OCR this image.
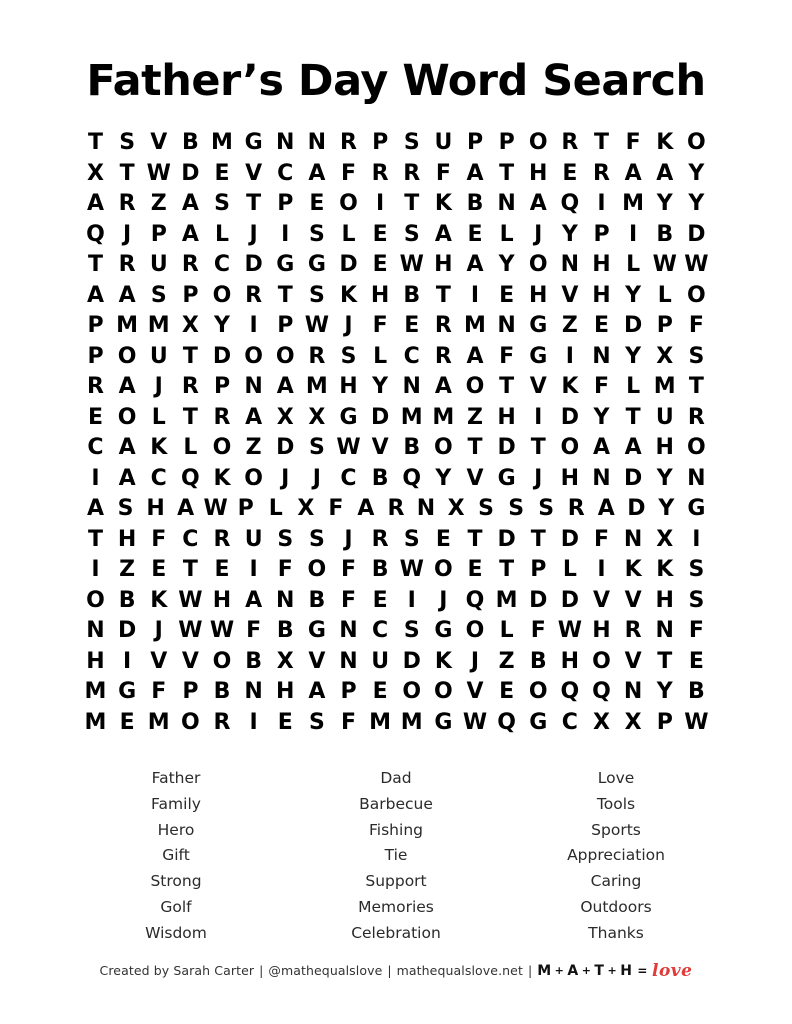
Father’s Day Word Search
T S V B M G N N R P S U P P O R T F K O
X T W D E V C A F R R F A T H E R A A Y
A R Z A S T P E O I T K B N A Q I M Y Y
Q J P A L J	I S L E S A E L J Y P I B D
T R U R C D G G D E W H A Y O N H L W W
A A S P O R T S K H B T I E H V H Y L O
P M M X Y I P W J F E R M N G Z E D P F
P O U T D O O R S L C R A F G I N Y X S
R A J R P N A M H Y N A O T V K F L M T
E O L T R A X X G D M M Z H I D Y T U R
C A K L O Z D S W V B O T D T O A A H O
I A C Q K O J	J C B Q Y V G J H N D Y N
A S H A W P L X F A R N X S S S R A D Y G
T H F C R U S S J R S E T D T D F N X I
I Z E T E I F O F B W O E T P L I K K S
O B K W H A N B F E I	J Q M D D V V H S
N D J W W F B G N C S G O L F W H R N F
H I V V O B X V N U D K J Z B H O V T E
M G F P B N H A P E O O V E O Q Q N Y B
M E M O R I E S F M M G W Q G C X X P W
Father
Family
Hero
Gift
Strong
Golf
Wisdom
Dad
Barbecue
Fishing
Tie
Support
Memories
Celebration
Love
Tools
Sports
Appreciation
Caring
Outdoors
Thanks
Created by Sarah Carter | @mathequalslove | mathequalslove.net | M + A + T + H = love
